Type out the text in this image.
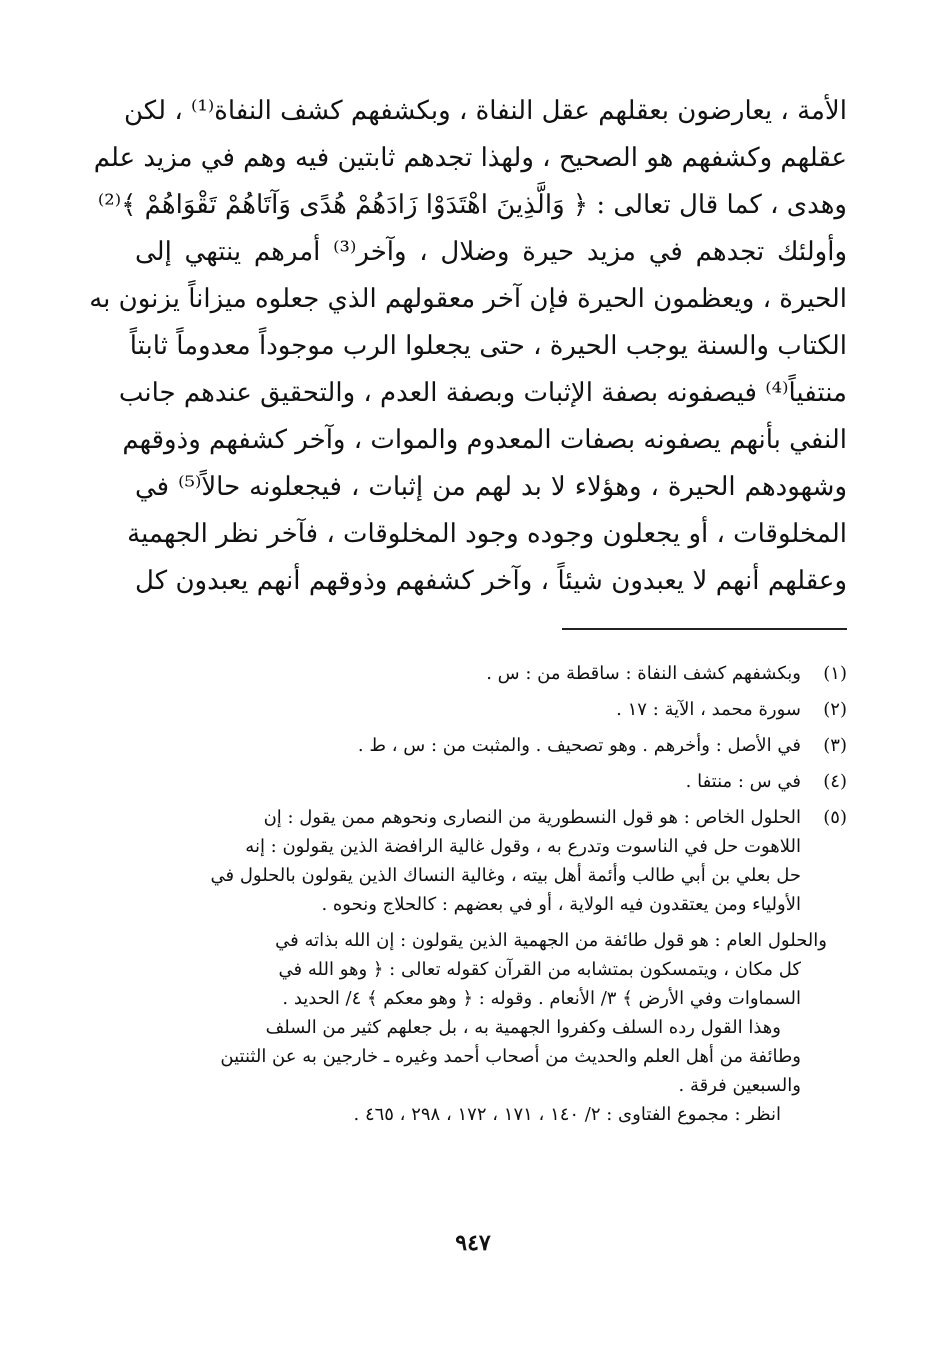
الأمة ، يعارضون بعقلهم عقل النفاة ، وبكشفهم كشف النفاة⁽¹⁾ ، لكن
عقلهم وكشفهم هو الصحيح ، ولهذا تجدهم ثابتين فيه وهم في مزيد علم
وهدى ، كما قال تعالى : ﴿ وَالَّذِينَ اهْتَدَوْا زَادَهُمْ هُدًى وَآتَاهُمْ تَقْوَاهُمْ ﴾⁽²⁾
وأولئك تجدهم في مزيد حيرة وضلال ، وآخر⁽³⁾ أمرهم ينتهي إلى
الحيرة ، ويعظمون الحيرة فإن آخر معقولهم الذي جعلوه ميزاناً يزنون به
الكتاب والسنة يوجب الحيرة ، حتى يجعلوا الرب موجوداً معدوماً ثابتاً
منتفياً⁽⁴⁾ فيصفونه بصفة الإثبات وبصفة العدم ، والتحقيق عندهم جانب
النفي بأنهم يصفونه بصفات المعدوم والموات ، وآخر كشفهم وذوقهم
وشهودهم الحيرة ، وهؤلاء لا بد لهم من إثبات ، فيجعلونه حالاً⁽⁵⁾ في
المخلوقات ، أو يجعلون وجوده وجود المخلوقات ، فآخر نظر الجهمية
وعقلهم أنهم لا يعبدون شيئاً ، وآخر كشفهم وذوقهم أنهم يعبدون كل
(١)
وبكشفهم كشف النفاة : ساقطة من : س .
(٢)
سورة محمد ، الآية : ١٧ .
(٣)
في الأصل : وأخرهم . وهو تصحيف . والمثبت من : س ، ط .
(٤)
في س : منتفا .
(٥)
الحلول الخاص : هو قول النسطورية من النصارى ونحوهم ممن يقول : إن
اللاهوت حل في الناسوت وتدرع به ، وقول غالية الرافضة الذين يقولون : إنه
حل بعلي بن أبي طالب وأئمة أهل بيته ، وغالية النساك الذين يقولون بالحلول في
الأولياء ومن يعتقدون فيه الولاية ، أو في بعضهم : كالحلاج ونحوه .
والحلول العام : هو قول طائفة من الجهمية الذين يقولون : إن الله بذاته في
كل مكان ، ويتمسكون بمتشابه من القرآن كقوله تعالى : ﴿ وهو الله في
السماوات وفي الأرض ﴾ ٣/ الأنعام . وقوله : ﴿ وهو معكم ﴾ ٤/ الحديد .
وهذا القول رده السلف وكفروا الجهمية به ، بل جعلهم كثير من السلف
وطائفة من أهل العلم والحديث من أصحاب أحمد وغيره ـ خارجين به عن الثنتين
والسبعين فرقة .
انظر : مجموع الفتاوى : ٢/ ١٤٠ ، ١٧١ ، ١٧٢ ، ٢٩٨ ، ٤٦٥ .
٩٤٧
